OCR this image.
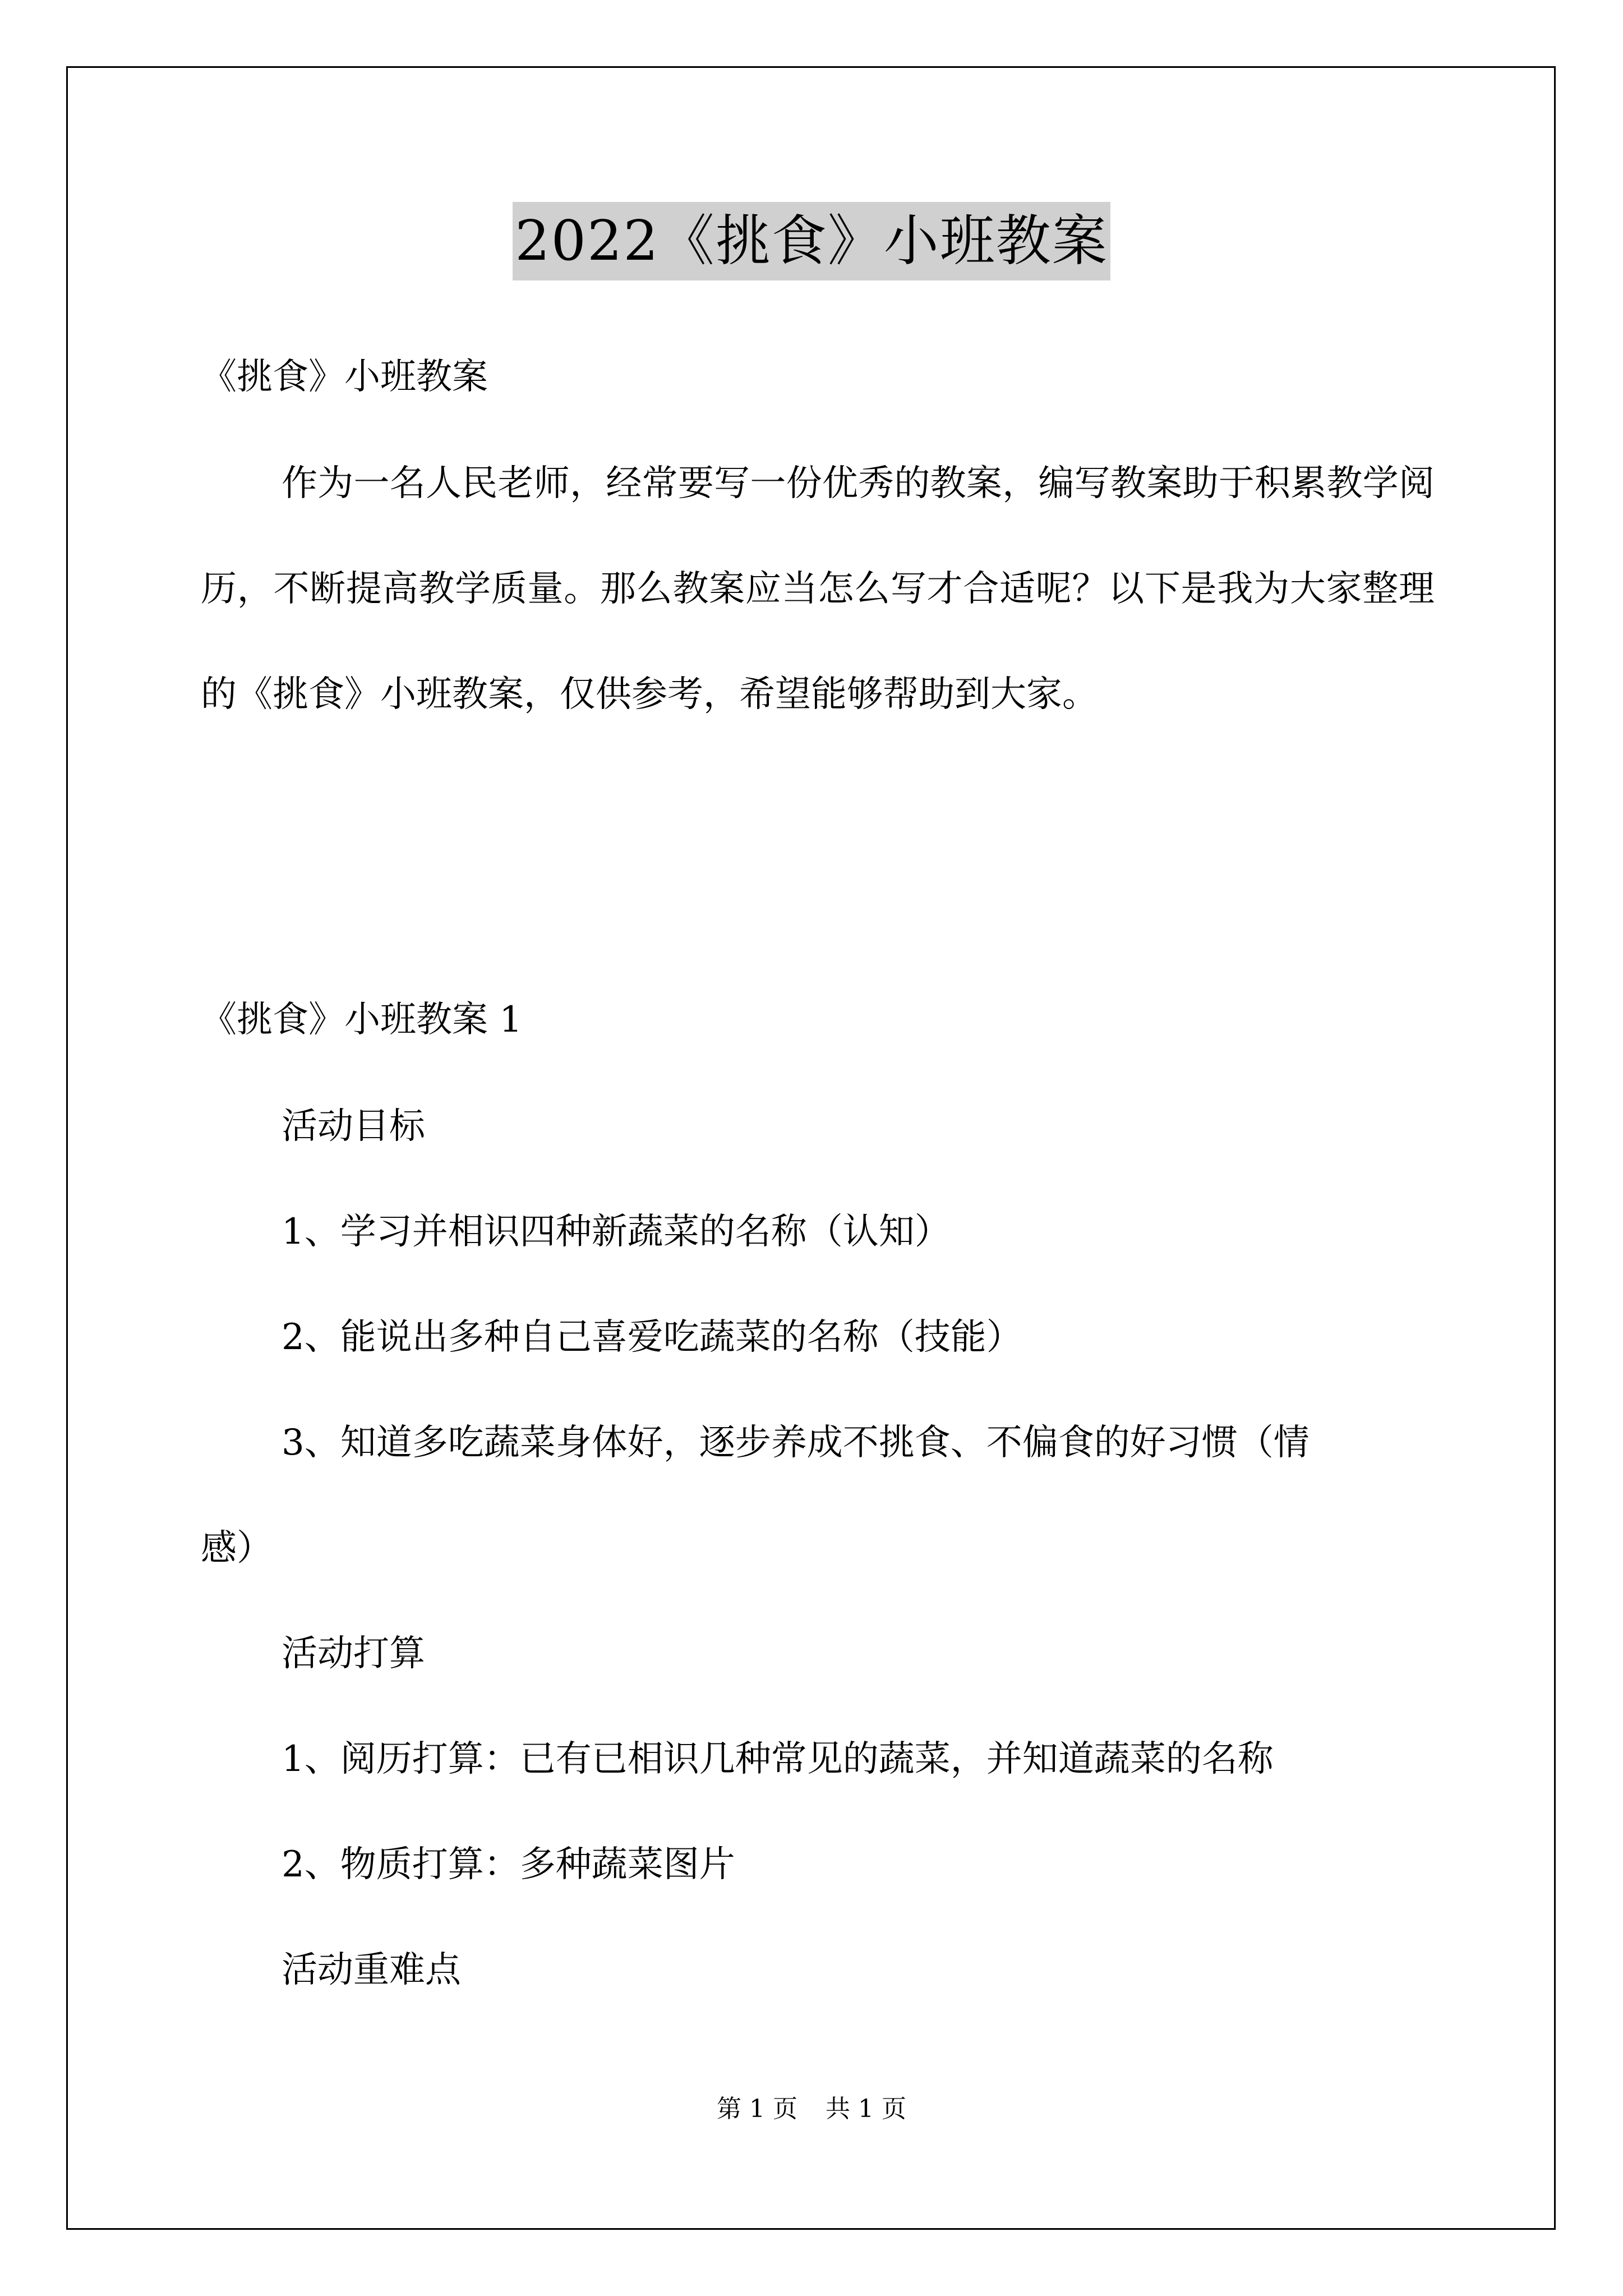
2022《挑食》小班教案
《挑食》小班教案

作为一名人民老师，经常要写一份优秀的教案，编写教案助于积累教学阅历，不断提高教学质量。那么教案应当怎么写才合适呢？以下是我为大家整理的《挑食》小班教案，仅供参考，希望能够帮助到大家。

《挑食》小班教案 1
活动目标
1、学习并相识四种新蔬菜的名称（认知）
2、能说出多种自己喜爱吃蔬菜的名称（技能）
3、知道多吃蔬菜身体好，逐步养成不挑食、不偏食的好习惯（情
感）
活动打算
1、阅历打算：已有已相识几种常见的蔬菜，并知道蔬菜的名称
2、物质打算：多种蔬菜图片
活动重难点
第 1 页 共 1 页
